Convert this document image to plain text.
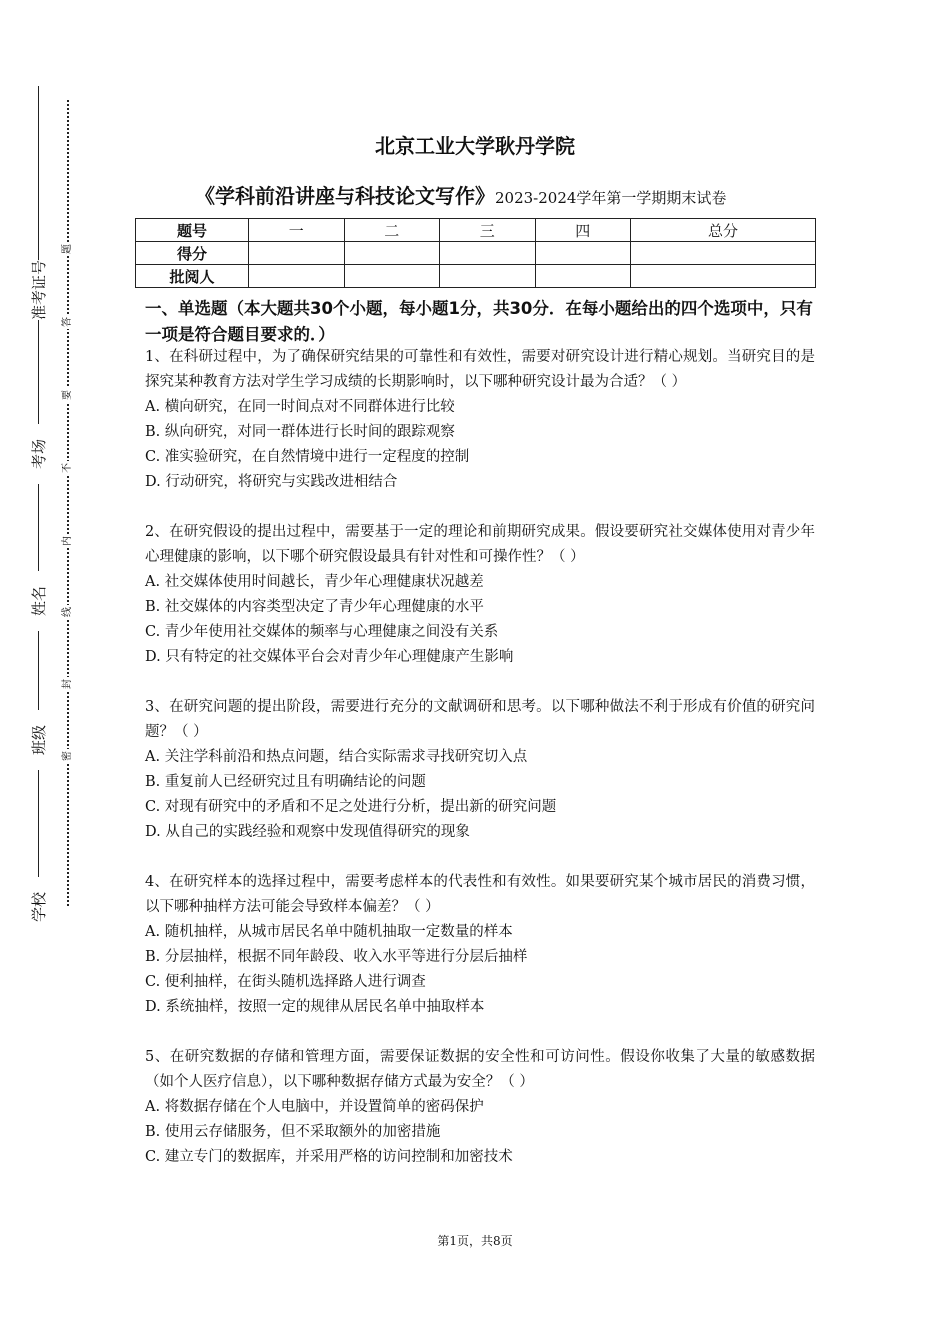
准考证号
考场
姓名
班级
学校
题
答
要
不
内
线
封
密
北京工业大学耿丹学院
《学科前沿讲座与科技论文写作》2023-2024学年第一学期期末试卷
题号	一	二	三	四	总分
得分					
批阅人					
一、单选题（本大题共30个小题，每小题1分，共30分．在每小题给出的四个选项中，只有一项是符合题目要求的．）
1、在科研过程中，为了确保研究结果的可靠性和有效性，需要对研究设计进行精心规划。当研究目的是探究某种教育方法对学生学习成绩的长期影响时，以下哪种研究设计最为合适？（ ）
A. 横向研究，在同一时间点对不同群体进行比较
B. 纵向研究，对同一群体进行长时间的跟踪观察
C. 准实验研究，在自然情境中进行一定程度的控制
D. 行动研究，将研究与实践改进相结合
2、在研究假设的提出过程中，需要基于一定的理论和前期研究成果。假设要研究社交媒体使用对青少年心理健康的影响，以下哪个研究假设最具有针对性和可操作性？（ ）
A. 社交媒体使用时间越长，青少年心理健康状况越差
B. 社交媒体的内容类型决定了青少年心理健康的水平
C. 青少年使用社交媒体的频率与心理健康之间没有关系
D. 只有特定的社交媒体平台会对青少年心理健康产生影响
3、在研究问题的提出阶段，需要进行充分的文献调研和思考。以下哪种做法不利于形成有价值的研究问题？（ ）
A. 关注学科前沿和热点问题，结合实际需求寻找研究切入点
B. 重复前人已经研究过且有明确结论的问题
C. 对现有研究中的矛盾和不足之处进行分析，提出新的研究问题
D. 从自己的实践经验和观察中发现值得研究的现象
4、在研究样本的选择过程中，需要考虑样本的代表性和有效性。如果要研究某个城市居民的消费习惯，以下哪种抽样方法可能会导致样本偏差？（ ）
A. 随机抽样，从城市居民名单中随机抽取一定数量的样本
B. 分层抽样，根据不同年龄段、收入水平等进行分层后抽样
C. 便利抽样，在街头随机选择路人进行调查
D. 系统抽样，按照一定的规律从居民名单中抽取样本
5、在研究数据的存储和管理方面，需要保证数据的安全性和可访问性。假设你收集了大量的敏感数据（如个人医疗信息），以下哪种数据存储方式最为安全？（ ）
A. 将数据存储在个人电脑中，并设置简单的密码保护
B. 使用云存储服务，但不采取额外的加密措施
C. 建立专门的数据库，并采用严格的访问控制和加密技术
第1页，共8页
